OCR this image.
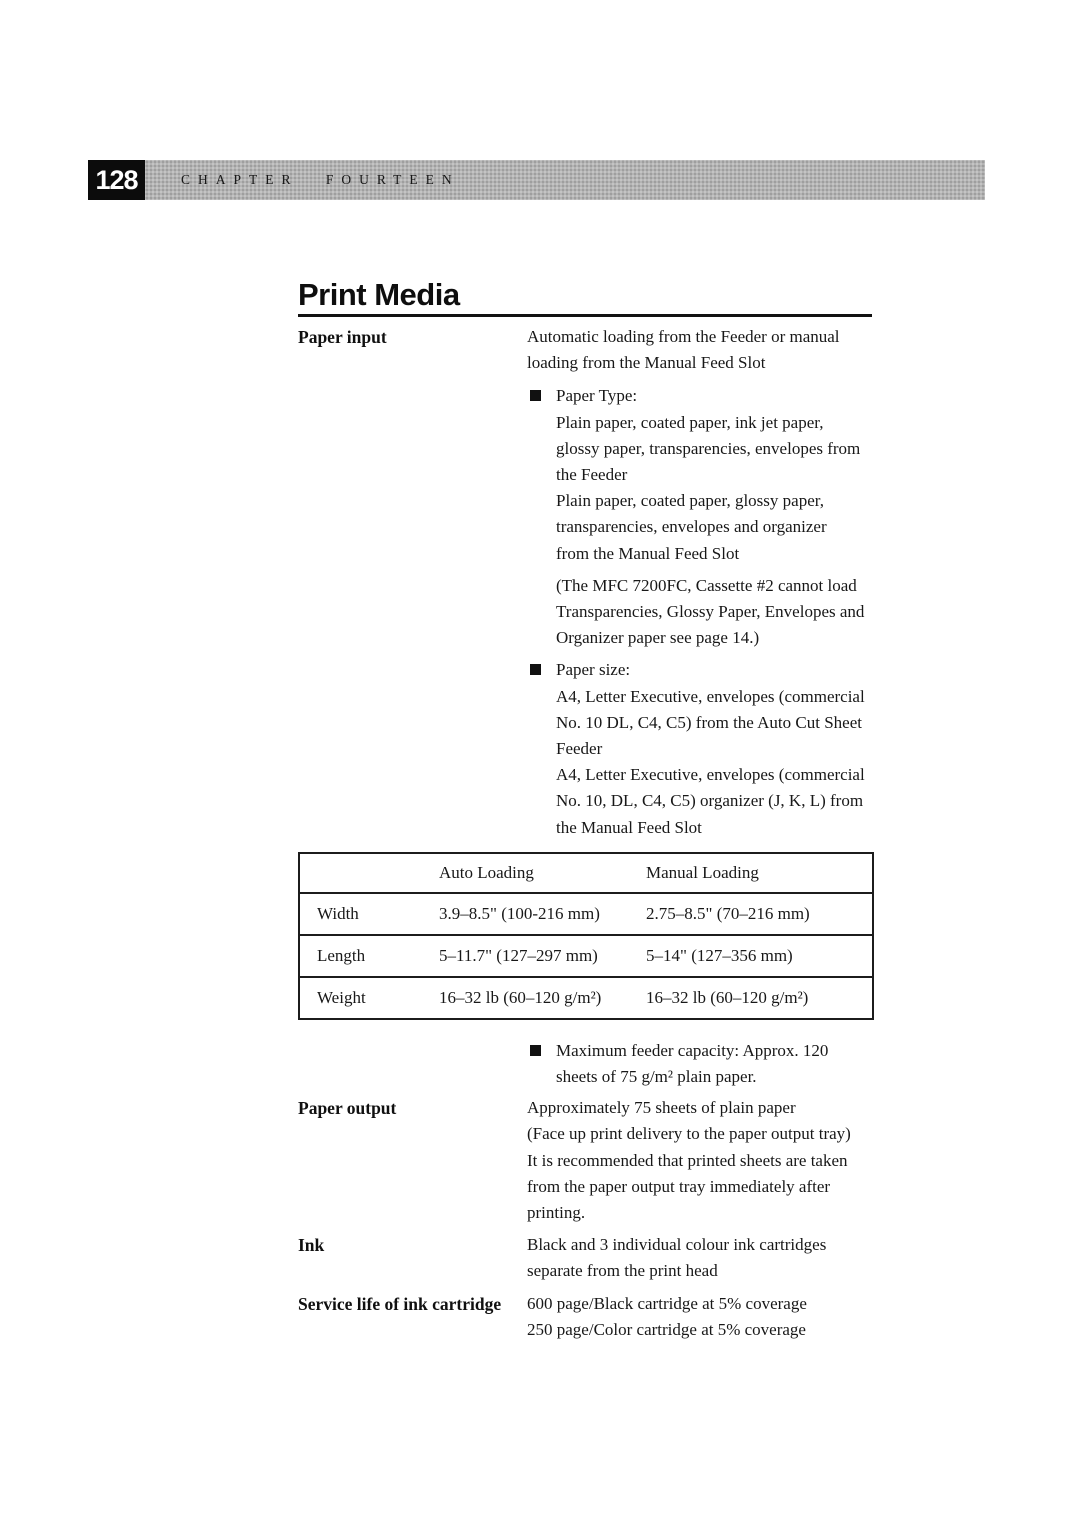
128	CHAPTER FOURTEEN
Print Media
Paper input	Automatic loading from the Feeder or manual
loading from the Manual Feed Slot
Paper Type:
Plain paper, coated paper, ink jet paper,
glossy paper, transparencies, envelopes from
the Feeder
Plain paper, coated paper, glossy paper,
transparencies, envelopes and organizer
from the Manual Feed Slot
(The MFC 7200FC, Cassette #2 cannot load
Transparencies, Glossy Paper, Envelopes and
Organizer paper see page 14.)
Paper size:
A4, Letter Executive, envelopes (commercial
No. 10 DL, C4, C5) from the Auto Cut Sheet
Feeder
A4, Letter Executive, envelopes (commercial
No. 10, DL, C4, C5) organizer (J, K, L) from
the Manual Feed Slot
	Auto Loading	Manual Loading
Width	3.9–8.5" (100-216 mm)	2.75–8.5" (70–216 mm)
Length	5–11.7" (127–297 mm)	5–14" (127–356 mm)
Weight	16–32 lb (60–120 g/m²)	16–32 lb (60–120 g/m²)
Maximum feeder capacity: Approx. 120
sheets of 75 g/m² plain paper.
Paper output	Approximately 75 sheets of plain paper
(Face up print delivery to the paper output tray)
It is recommended that printed sheets are taken
from the paper output tray immediately after
printing.
Ink	Black and 3 individual colour ink cartridges
separate from the print head
Service life of ink cartridge	600 page/Black cartridge at 5% coverage
250 page/Color cartridge at 5% coverage
